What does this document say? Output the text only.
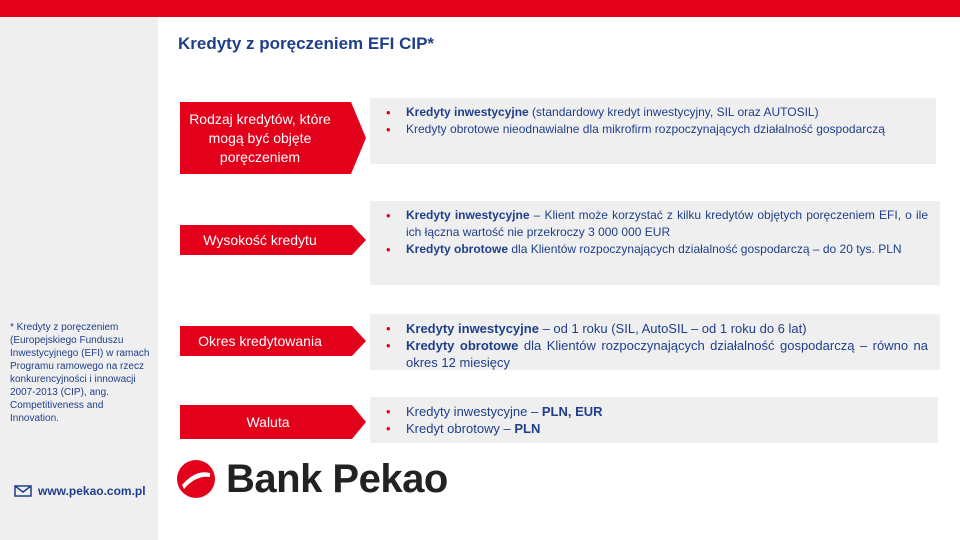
Kredyty z poręczeniem EFI CIP*
Rodzaj kredytów, które mogą być objęte poręczeniem
• Kredyty inwestycyjne (standardowy kredyt inwestycyjny, SIL oraz AUTOSIL)
• Kredyty obrotowe nieodnawialne dla mikrofirm rozpoczynających działalność gospodarczą
Wysokość kredytu
• Kredyty inwestycyjne – Klient może korzystać z kilku kredytów objętych poręczeniem EFI, o ile ich łączna wartość nie przekroczy 3 000 000 EUR
• Kredyty obrotowe dla Klientów rozpoczynających działalność gospodarczą – do 20 tys. PLN
Okres kredytowania
• Kredyty inwestycyjne – od 1 roku (SIL, AutoSIL – od 1 roku do 6 lat)
• Kredyty obrotowe dla Klientów rozpoczynających działalność gospodarczą – równo na okres 12 miesięcy
Waluta
• Kredyty inwestycyjne – PLN, EUR
• Kredyt obrotowy – PLN
* Kredyty z poręczeniem
(Europejskiego Funduszu
Inwestycyjnego (EFI) w ramach
Programu ramowego na rzecz
konkurencyjności i innowacji
2007-2013 (CIP), ang.
Competitiveness and
Innovation.
www.pekao.com.pl Bank Pekao
